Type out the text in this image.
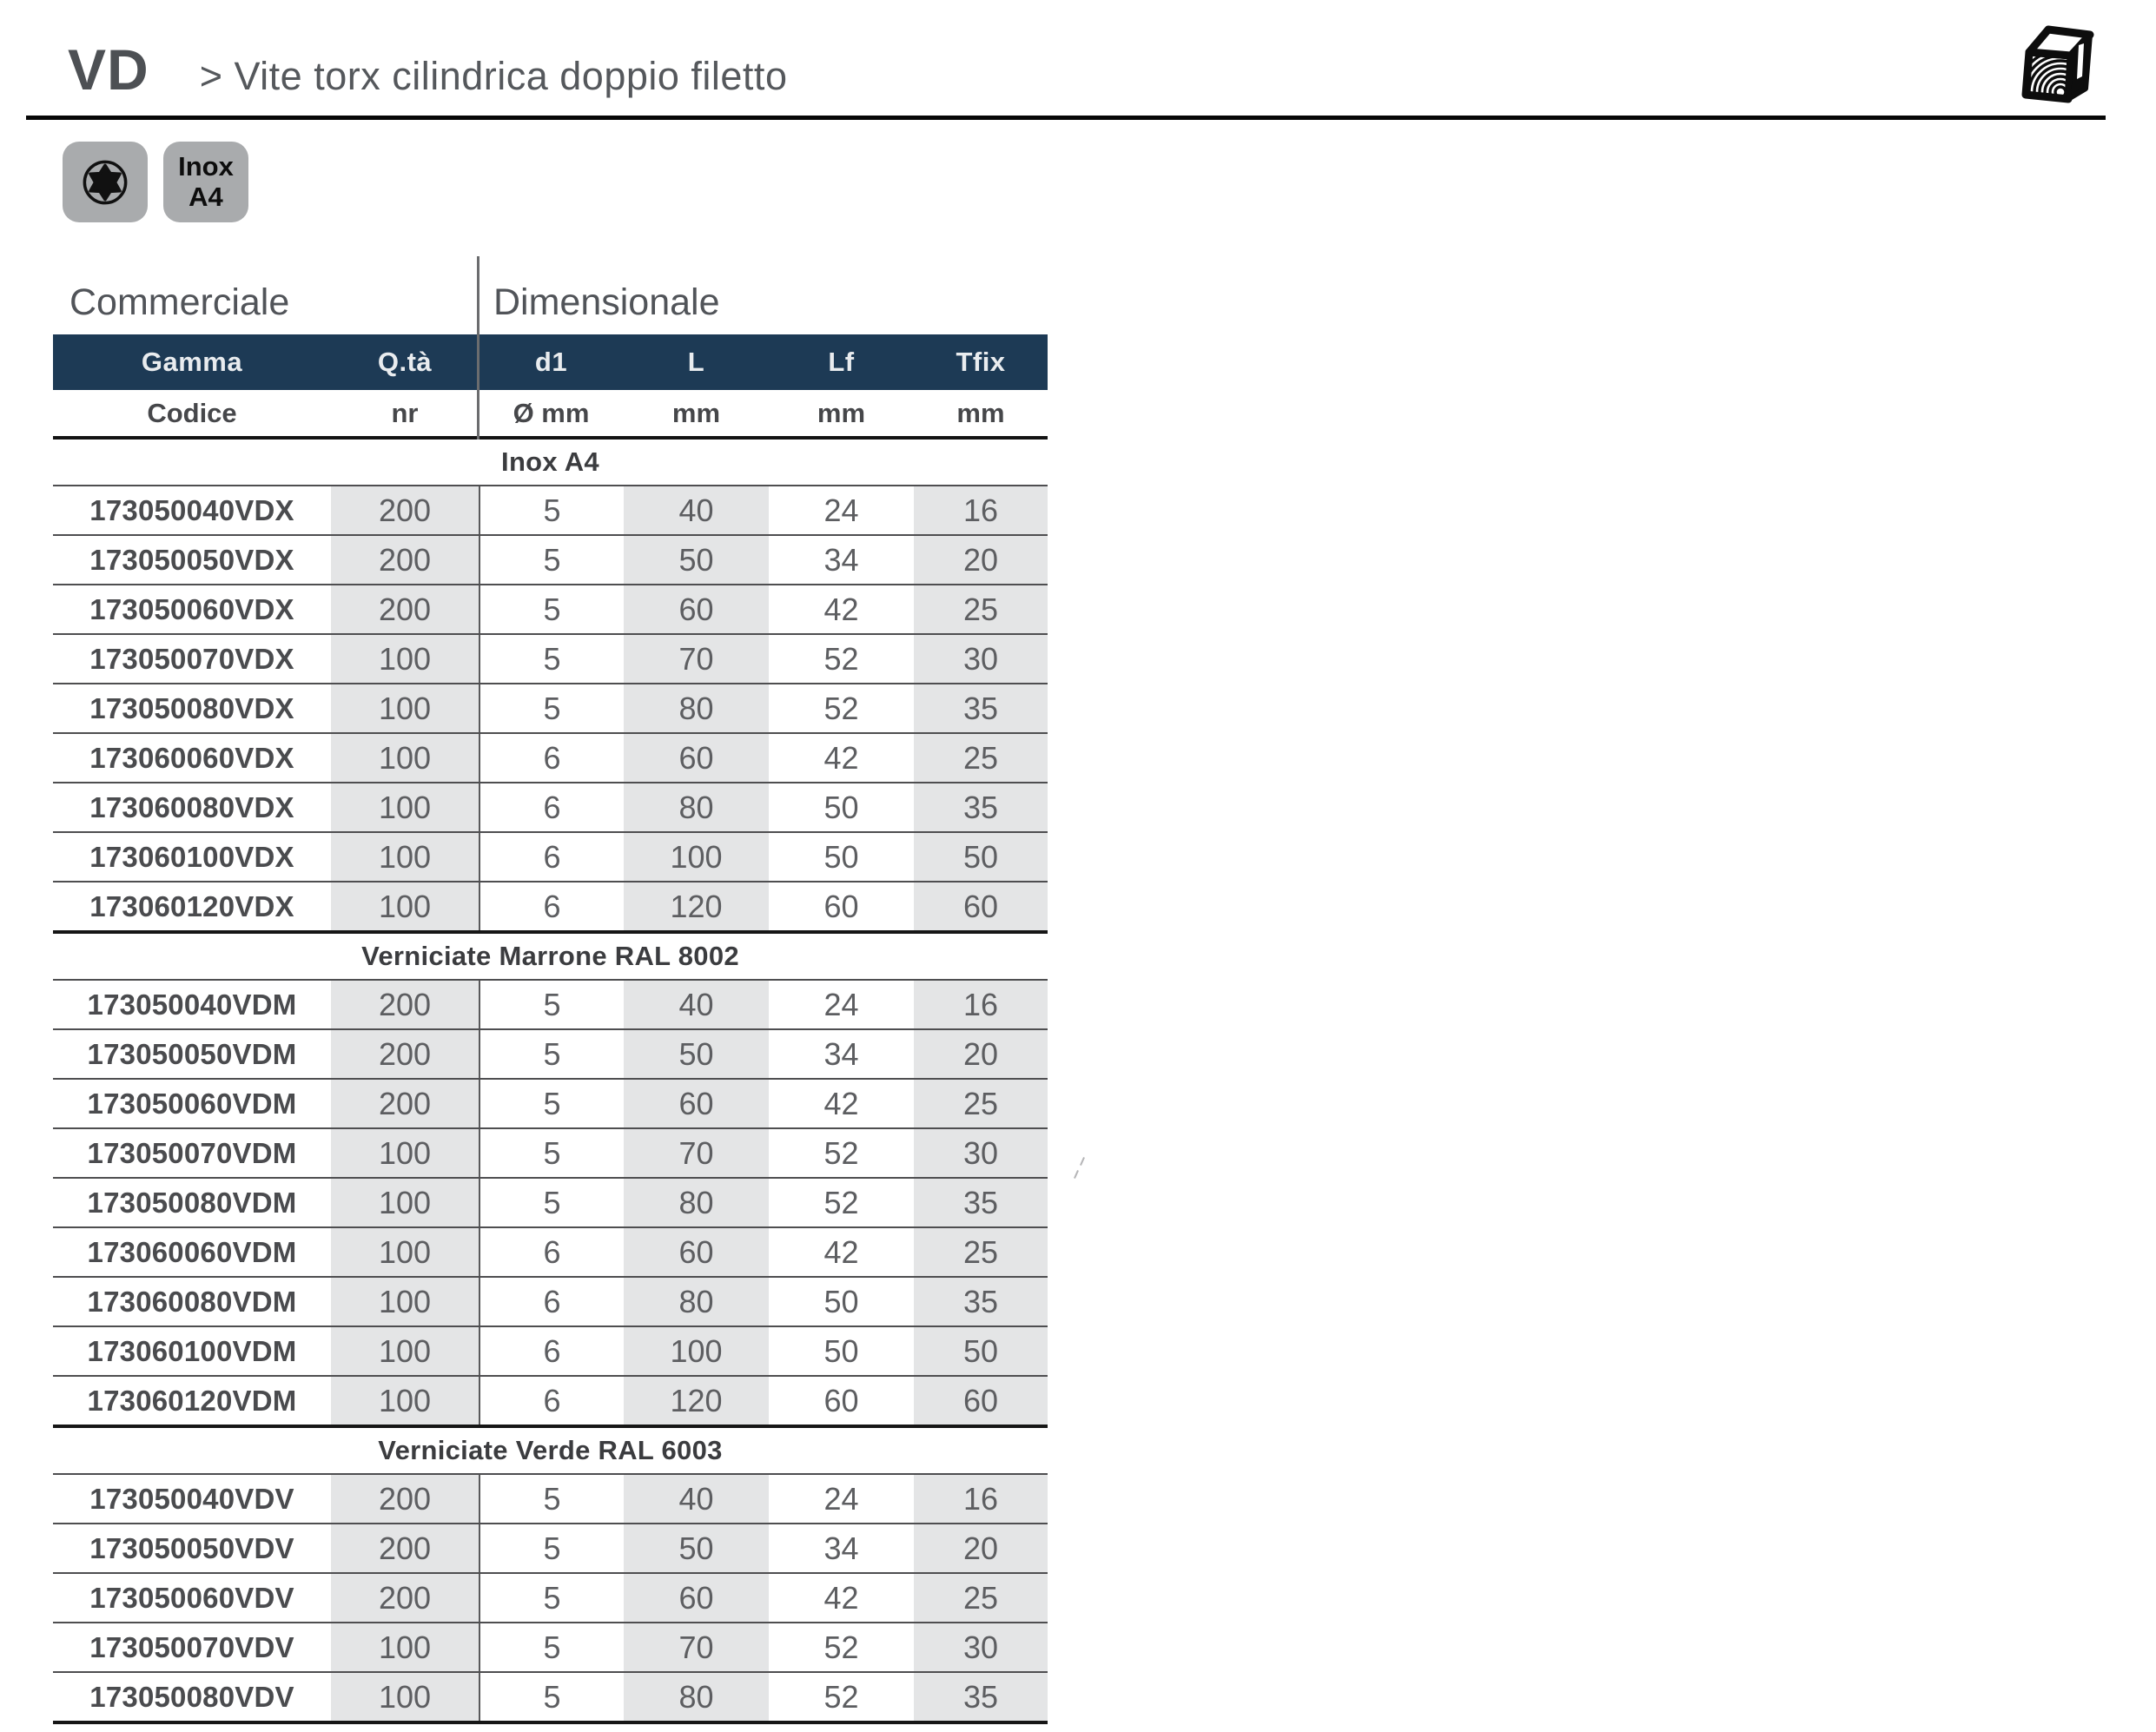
VD > Vite torx cilindrica doppio filetto
Inox
A4
Commerciale	Dimensionale
Gamma	Q.tà	d1	L	Lf	Tfix
Codice	nr	Ø mm	mm	mm	mm
Inox A4
173050040VDX	200	5	40	24	16
173050050VDX	200	5	50	34	20
173050060VDX	200	5	60	42	25
173050070VDX	100	5	70	52	30
173050080VDX	100	5	80	52	35
173060060VDX	100	6	60	42	25
173060080VDX	100	6	80	50	35
173060100VDX	100	6	100	50	50
173060120VDX	100	6	120	60	60
Verniciate Marrone RAL 8002
173050040VDM	200	5	40	24	16
173050050VDM	200	5	50	34	20
173050060VDM	200	5	60	42	25
173050070VDM	100	5	70	52	30
173050080VDM	100	5	80	52	35
173060060VDM	100	6	60	42	25
173060080VDM	100	6	80	50	35
173060100VDM	100	6	100	50	50
173060120VDM	100	6	120	60	60
Verniciate Verde RAL 6003
173050040VDV	200	5	40	24	16
173050050VDV	200	5	50	34	20
173050060VDV	200	5	60	42	25
173050070VDV	100	5	70	52	30
173050080VDV	100	5	80	52	35
